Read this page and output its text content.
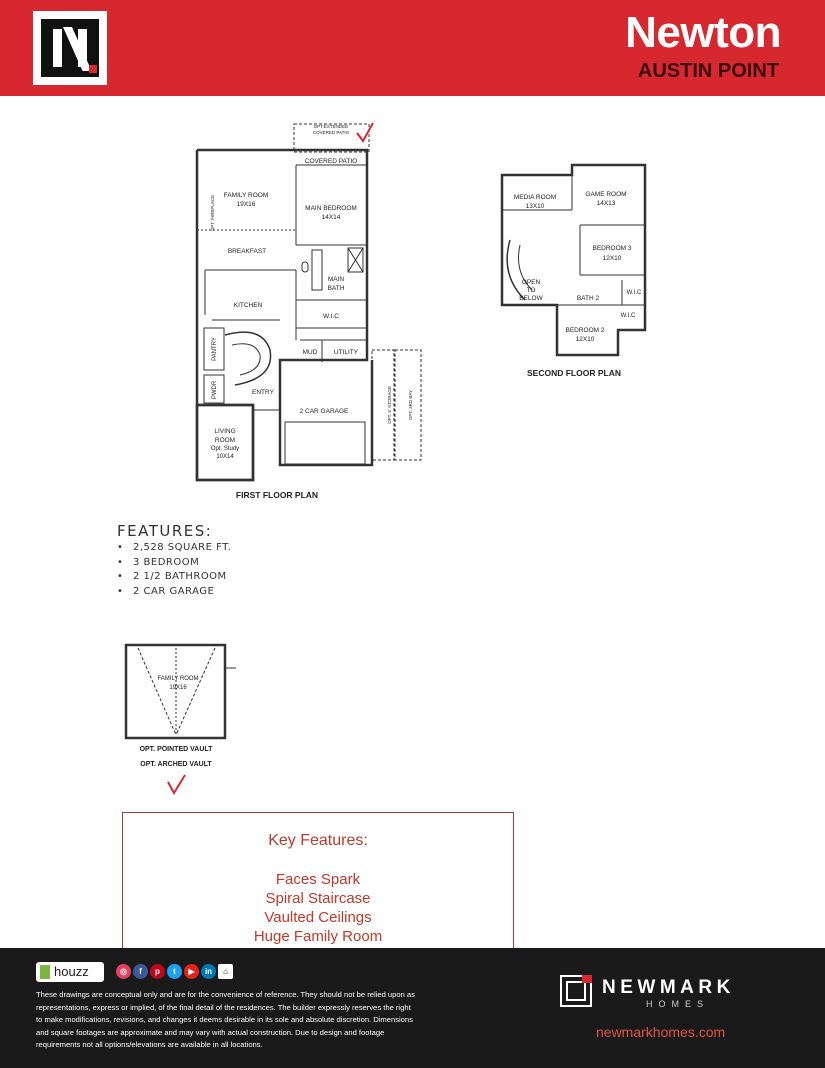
Newton
AUSTIN POINT
OPT.EXTENDED
COVERED PATIO
COVERED PATIO
FAMILY ROOM
19X16
OPT. FIREPLACE	MAIN BEDROOM
14X14
BREAKFAST
MAIN
BATH
KITCHEN
W.I.C
PANTRY	MUD	UTILITY
PWDR	ENTRY
2 CAR GARAGE	OPT. 5' STORAGE	OPT. 3RD BAY
LIVING
ROOM
Opt. Study
10X14
FIRST FLOOR PLAN
MEDIA ROOM
13X10
GAME ROOM
14X13
BEDROOM 3
12X10
OPEN
TO
BELOW	BATH 2
W.I.C
W.I.C
BEDROOM 2
12X10
SECOND FLOOR PLAN
FAMILY ROOM
19X16
OPT. POINTED VAULT
OPT. ARCHED VAULT
FEATURES:
• 2,528 SQUARE FT.
• 3 BEDROOM
• 2 1/2 BATHROOM
• 2 CAR GARAGE
Key Features:
Faces Spark
Spiral Staircase
Vaulted Ceilings
Huge Family Room
houzz	◎	f	p	t	▶	in	⌂
These drawings are conceptual only and are for the convenience of reference. They should not be relied upon as representations, express or implied, of the final detail of the residences. The builder expressly reserves the right to make modifications, revisions, and changes it deems desirable in its sole and absolute discretion. Dimensions and square footages are approximate and may vary with actual construction. Due to design and footage requirements not all options/elevations are available in all locations.
NEWMARK
HOMES
newmarkhomes.com
